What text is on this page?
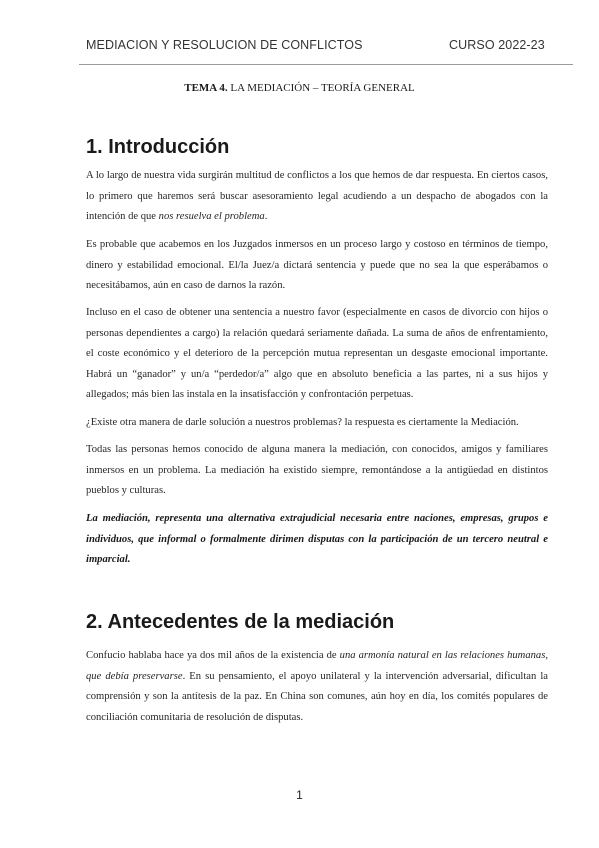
MEDIACION Y RESOLUCION DE CONFLICTOS	CURSO 2022-23
TEMA 4. LA MEDIACIÓN – TEORÍA GENERAL
1. Introducción

A lo largo de nuestra vida surgirán multitud de conflictos a los que hemos de dar respuesta. En ciertos casos, lo primero que haremos será buscar asesoramiento legal acudiendo a un despacho de abogados con la intención de que nos resuelva el problema.

Es probable que acabemos en los Juzgados inmersos en un proceso largo y costoso en términos de tiempo, dinero y estabilidad emocional. El/la Juez/a dictará sentencia y puede que no sea la que esperábamos o necesitábamos, aún en caso de darnos la razón.

Incluso en el caso de obtener una sentencia a nuestro favor (especialmente en casos de divorcio con hijos o personas dependientes a cargo) la relación quedará seriamente dañada. La suma de años de enfrentamiento, el coste económico y el deterioro de la percepción mutua representan un desgaste emocional importante. Habrá un “ganador” y un/a “perdedor/a” algo que en absoluto beneficia a las partes, ni a sus hijos y allegados; más bien las instala en la insatisfacción y confrontación perpetuas.

¿Existe otra manera de darle solución a nuestros problemas? la respuesta es ciertamente la Mediación.

Todas las personas hemos conocido de alguna manera la mediación, con conocidos, amigos y familiares inmersos en un problema. La mediación ha existido siempre, remontándose a la antigüedad en distintos pueblos y culturas.

La mediación, representa una alternativa extrajudicial necesaria entre naciones, empresas, grupos e individuos, que informal o formalmente dirimen disputas con la participación de un tercero neutral e imparcial.

2. Antecedentes de la mediación

Confucio hablaba hace ya dos mil años de la existencia de una armonía natural en las relaciones humanas, que debía preservarse. En su pensamiento, el apoyo unilateral y la intervención adversarial, dificultan la comprensión y son la antítesis de la paz. En China son comunes, aún hoy en día, los comités populares de conciliación comunitaria de resolución de disputas.

1
